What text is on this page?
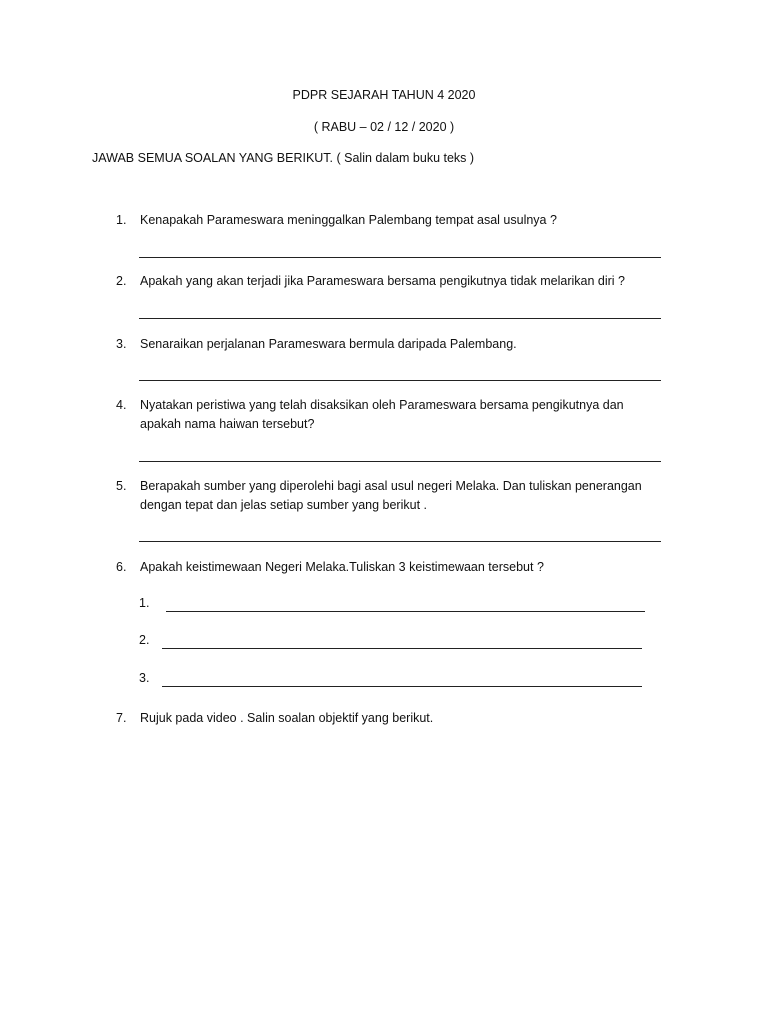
PDPR SEJARAH TAHUN 4 2020
( RABU – 02 / 12 / 2020 )
JAWAB SEMUA SOALAN YANG BERIKUT. ( Salin dalam buku teks )
1.	Kenapakah Parameswara meninggalkan Palembang tempat asal usulnya ?
2.	Apakah yang akan terjadi jika Parameswara bersama pengikutnya tidak melarikan diri ?
3.	Senaraikan perjalanan Parameswara bermula daripada Palembang.
4.	Nyatakan peristiwa yang telah disaksikan oleh Parameswara bersama pengikutnya dan apakah nama haiwan tersebut?
5.	Berapakah sumber yang diperolehi bagi asal usul negeri Melaka. Dan tuliskan penerangan dengan tepat dan jelas setiap sumber yang berikut .
6.	Apakah keistimewaan Negeri Melaka.Tuliskan 3 keistimewaan tersebut ?
1.
2.
3.
7.	Rujuk pada video . Salin soalan objektif yang berikut.
